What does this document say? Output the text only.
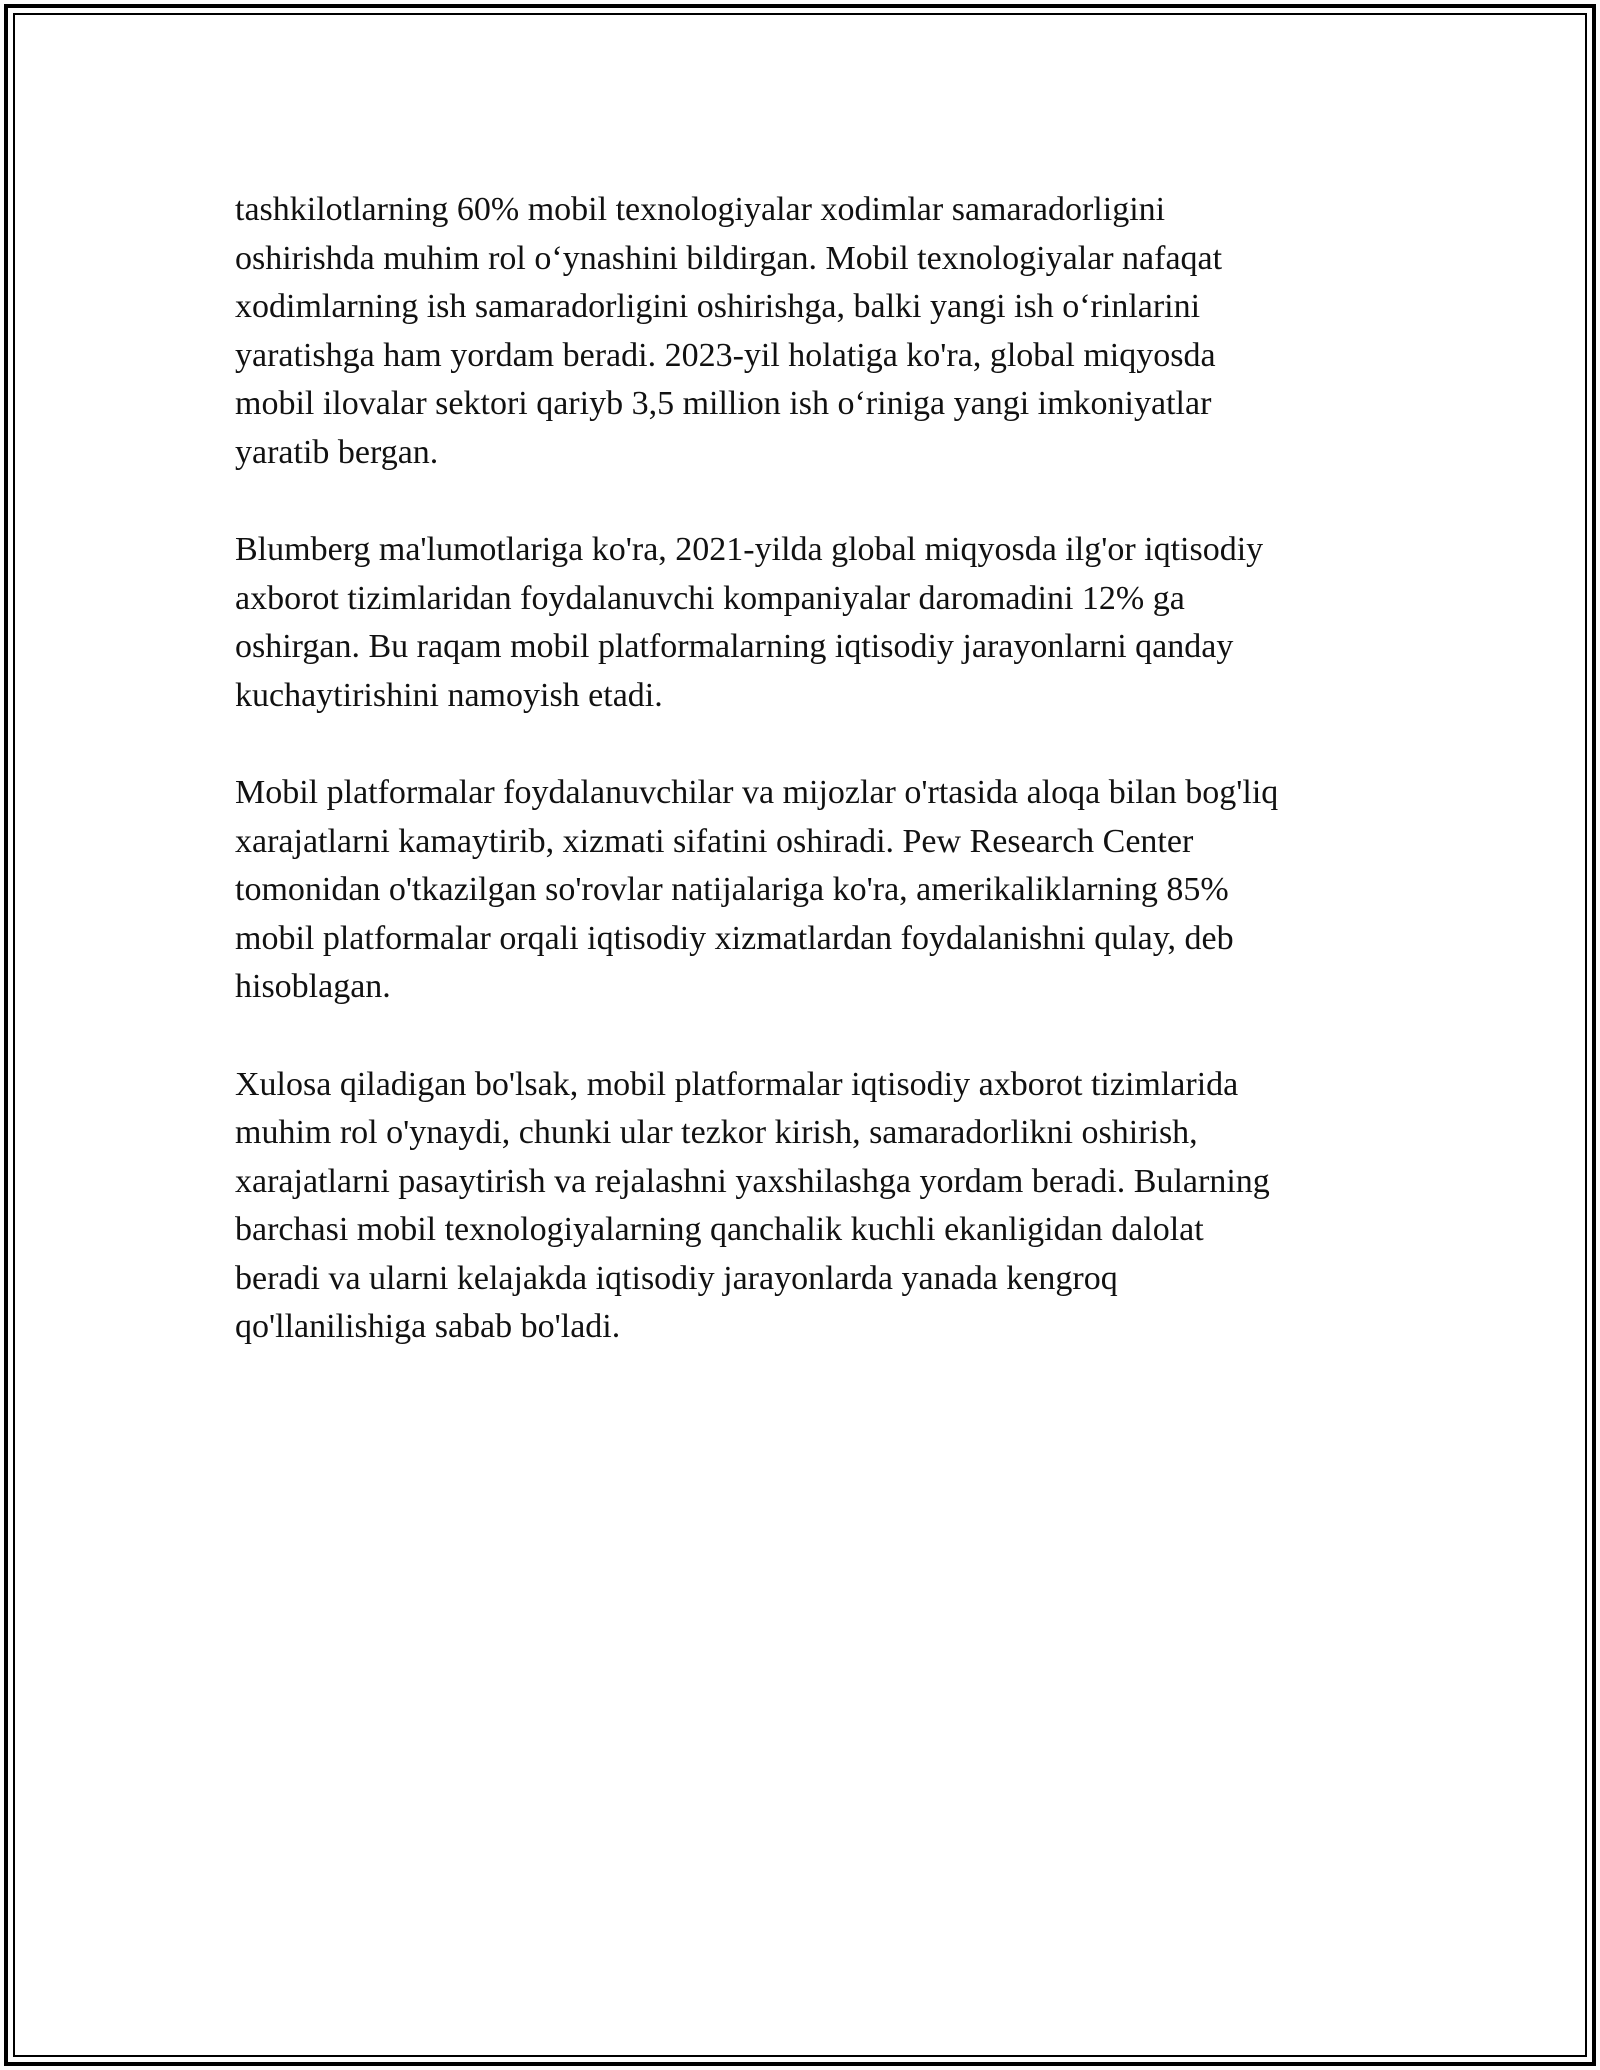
tashkilotlarning 60% mobil texnologiyalar xodimlar samaradorligini
oshirishda muhim rol o‘ynashini bildirgan. Mobil texnologiyalar nafaqat
xodimlarning ish samaradorligini oshirishga, balki yangi ish o‘rinlarini
yaratishga ham yordam beradi. 2023-yil holatiga ko'ra, global miqyosda
mobil ilovalar sektori qariyb 3,5 million ish o‘riniga yangi imkoniyatlar
yaratib bergan.

Blumberg ma'lumotlariga ko'ra, 2021-yilda global miqyosda ilg'or iqtisodiy
axborot tizimlaridan foydalanuvchi kompaniyalar daromadini 12% ga
oshirgan. Bu raqam mobil platformalarning iqtisodiy jarayonlarni qanday
kuchaytirishini namoyish etadi.

Mobil platformalar foydalanuvchilar va mijozlar o'rtasida aloqa bilan bog'liq
xarajatlarni kamaytirib, xizmati sifatini oshiradi. Pew Research Center
tomonidan o'tkazilgan so'rovlar natijalariga ko'ra, amerikaliklarning 85%
mobil platformalar orqali iqtisodiy xizmatlardan foydalanishni qulay, deb
hisoblagan.

Xulosa qiladigan bo'lsak, mobil platformalar iqtisodiy axborot tizimlarida
muhim rol o'ynaydi, chunki ular tezkor kirish, samaradorlikni oshirish,
xarajatlarni pasaytirish va rejalashni yaxshilashga yordam beradi. Bularning
barchasi mobil texnologiyalarning qanchalik kuchli ekanligidan dalolat
beradi va ularni kelajakda iqtisodiy jarayonlarda yanada kengroq
qo'llanilishiga sabab bo'ladi.
